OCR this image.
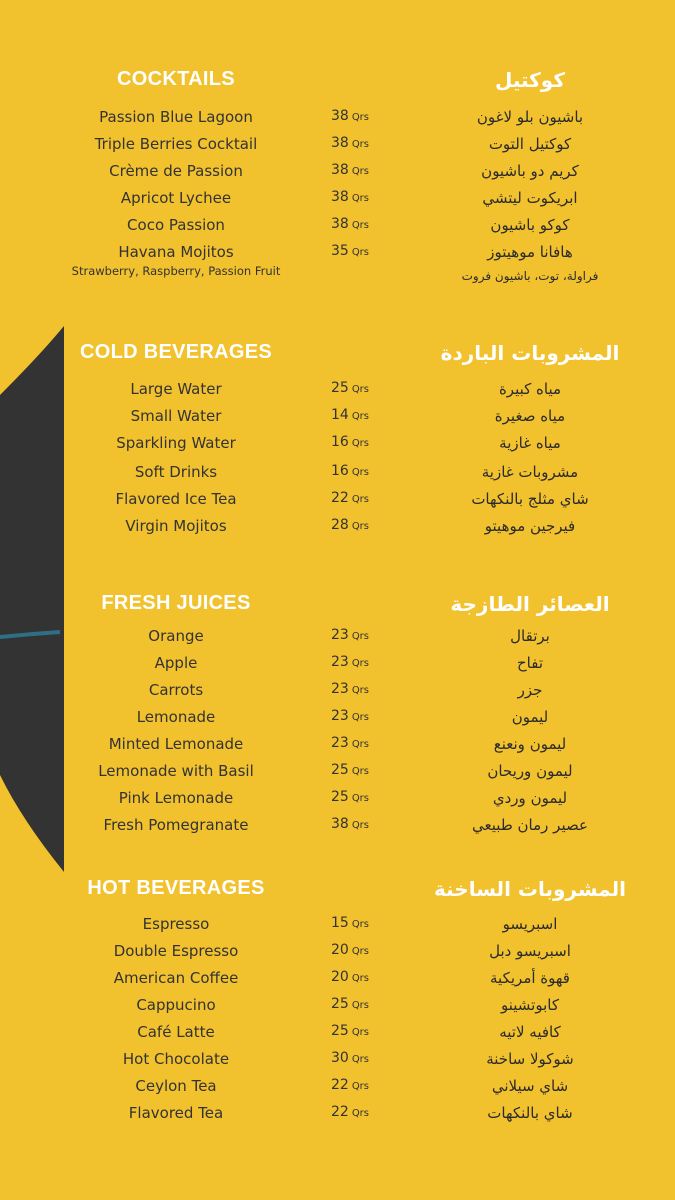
COCKTAILS	كوكتيل
Passion Blue Lagoon	38 Qrs	باشيون بلو لاغون
Triple Berries Cocktail	38 Qrs	كوكتيل التوت
Crème de Passion	38 Qrs	كريم دو باشيون
Apricot Lychee	38 Qrs	ابريكوت ليتشي
Coco Passion	38 Qrs	كوكو باشيون
Havana Mojitos	35 Qrs	هافانا موهيتوز
Strawberry, Raspberry, Passion Fruit	فراولة، توت، باشيون فروت
COLD BEVERAGES	المشروبات الباردة
Large Water	25 Qrs	مياه كبيرة
Small Water	14 Qrs	مياه صغيرة
Sparkling Water	16 Qrs	مياه غازية
Soft Drinks	16 Qrs	مشروبات غازية
Flavored Ice Tea	22 Qrs	شاي مثلج بالنكهات
Virgin Mojitos	28 Qrs	فيرجين موهيتو
FRESH JUICES	العصائر الطازجة
Orange	23 Qrs	برتقال
Apple	23 Qrs	تفاح
Carrots	23 Qrs	جزر
Lemonade	23 Qrs	ليمون
Minted Lemonade	23 Qrs	ليمون ونعنع
Lemonade with Basil	25 Qrs	ليمون وريحان
Pink Lemonade	25 Qrs	ليمون وردي
Fresh Pomegranate	38 Qrs	عصير رمان طبيعي
HOT BEVERAGES	المشروبات الساخنة
Espresso	15 Qrs	اسبريسو
Double Espresso	20 Qrs	اسبريسو دبل
American Coffee	20 Qrs	قهوة أمريكية
Cappucino	25 Qrs	كابوتشينو
Café Latte	25 Qrs	كافيه لاتيه
Hot Chocolate	30 Qrs	شوكولا ساخنة
Ceylon Tea	22 Qrs	شاي سيلاني
Flavored Tea	22 Qrs	شاي بالنكهات
